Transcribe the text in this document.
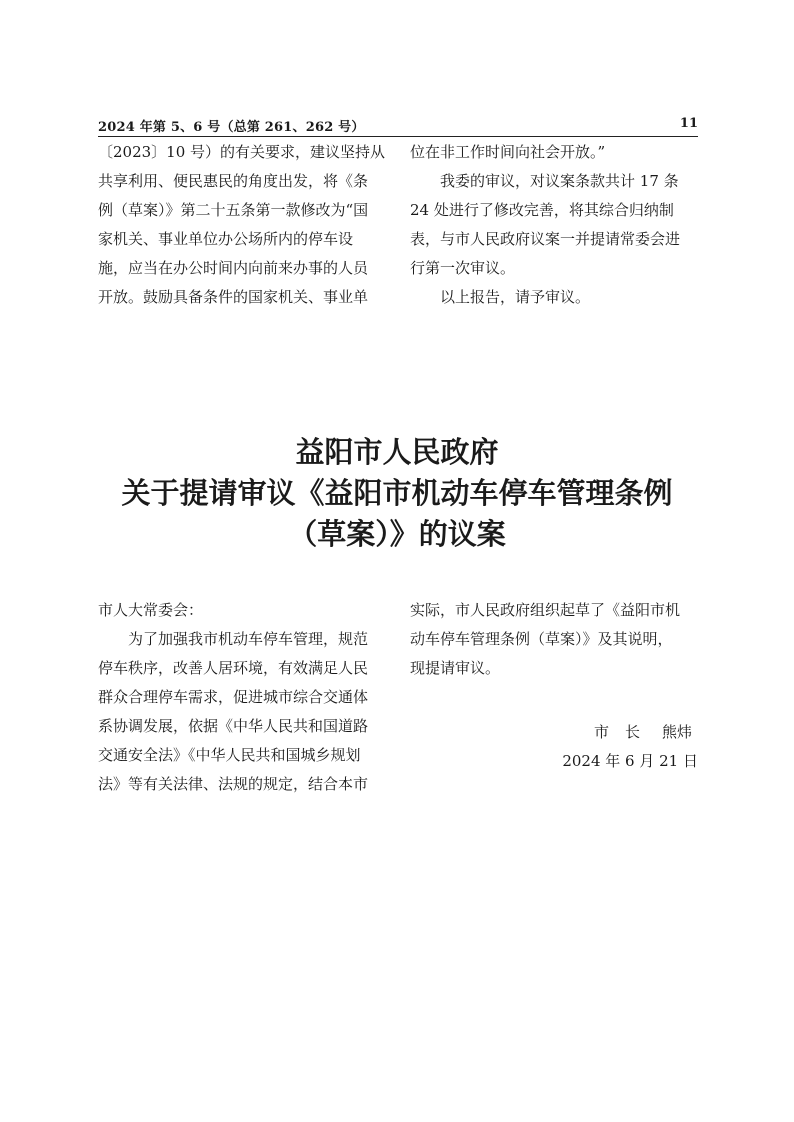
2024 年第 5、6 号（总第 261、262 号）	11
〔2023〕10 号）的有关要求，建议坚持从
共享利用、便民惠民的角度出发，将《条
例（草案）》第二十五条第一款修改为“国
家机关、事业单位办公场所内的停车设
施，应当在办公时间内向前来办事的人员
开放。鼓励具备条件的国家机关、事业单
位在非工作时间向社会开放。”
我委的审议，对议案条款共计 17 条
24 处进行了修改完善，将其综合归纳制
表，与市人民政府议案一并提请常委会进
行第一次审议。
以上报告，请予审议。
益阳市人民政府
关于提请审议《益阳市机动车停车管理条例
（草案）》的议案
市人大常委会：
为了加强我市机动车停车管理，规范
停车秩序，改善人居环境，有效满足人民
群众合理停车需求，促进城市综合交通体
系协调发展，依据《中华人民共和国道路
交通安全法》《中华人民共和国城乡规划
法》等有关法律、法规的规定，结合本市
实际，市人民政府组织起草了《益阳市机
动车停车管理条例（草案）》及其说明，
现提请审议。
市长 熊炜
2024 年 6 月 21 日
